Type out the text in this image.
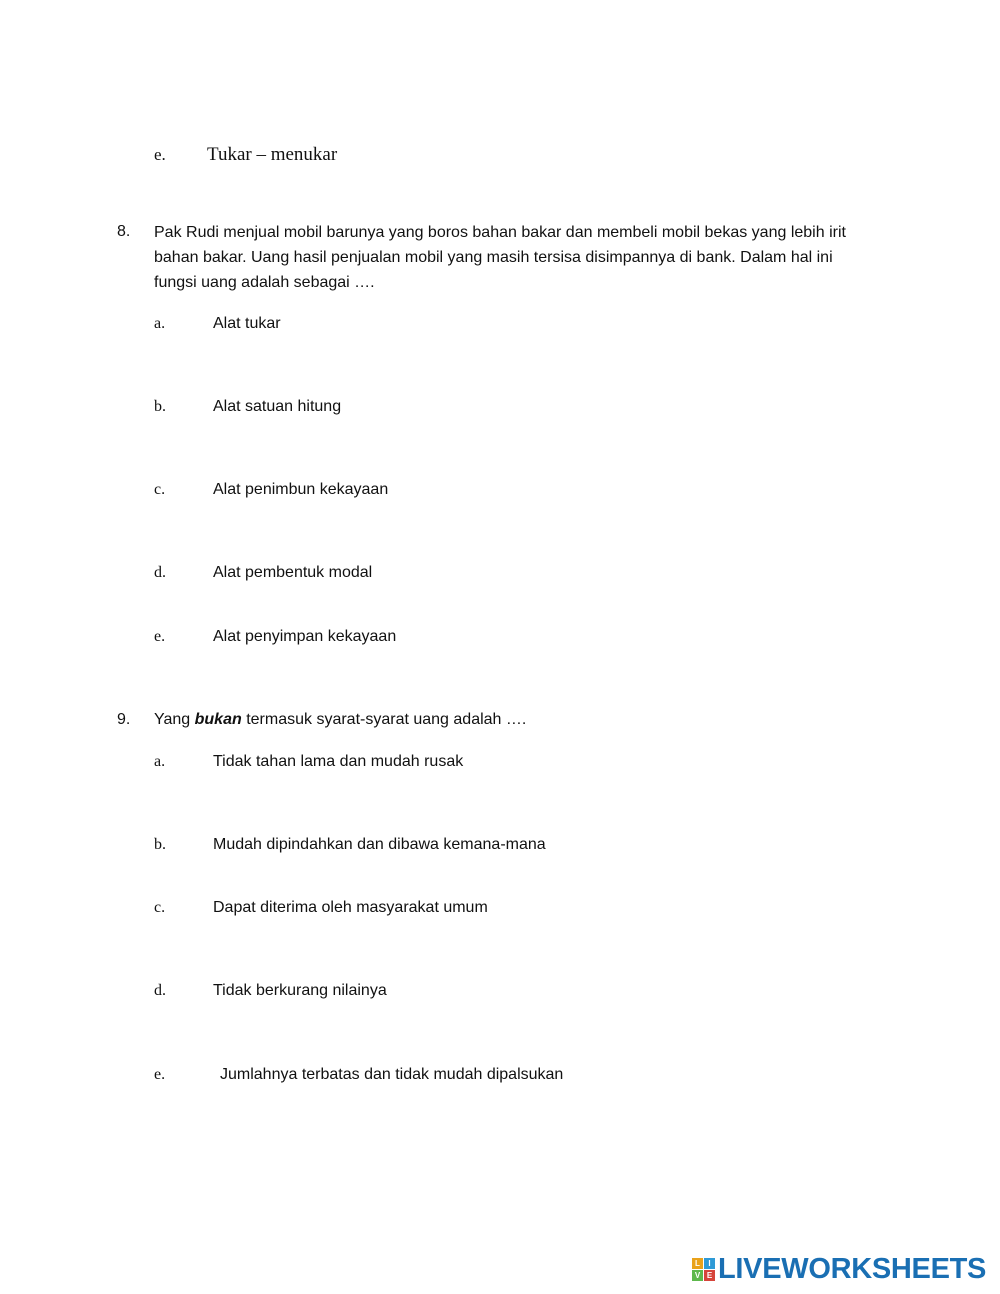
e. Tukar – menukar
8. Pak Rudi menjual mobil barunya yang boros bahan bakar dan membeli mobil bekas yang lebih irit
bahan bakar. Uang hasil penjualan mobil yang masih tersisa disimpannya di bank. Dalam hal ini
fungsi uang adalah sebagai ….
a.	Alat tukar
b.	Alat satuan hitung
c.	Alat penimbun kekayaan
d.	Alat pembentuk modal
e.	Alat penyimpan kekayaan
9. Yang bukan termasuk syarat-syarat uang adalah ….
a.	Tidak tahan lama dan mudah rusak
b.	Mudah dipindahkan dan dibawa kemana-mana
c.	Dapat diterima oleh masyarakat umum
d.	Tidak berkurang nilainya
e.	Jumlahnya terbatas dan tidak mudah dipalsukan
L	I
V E LIVEWORKSHEETS
